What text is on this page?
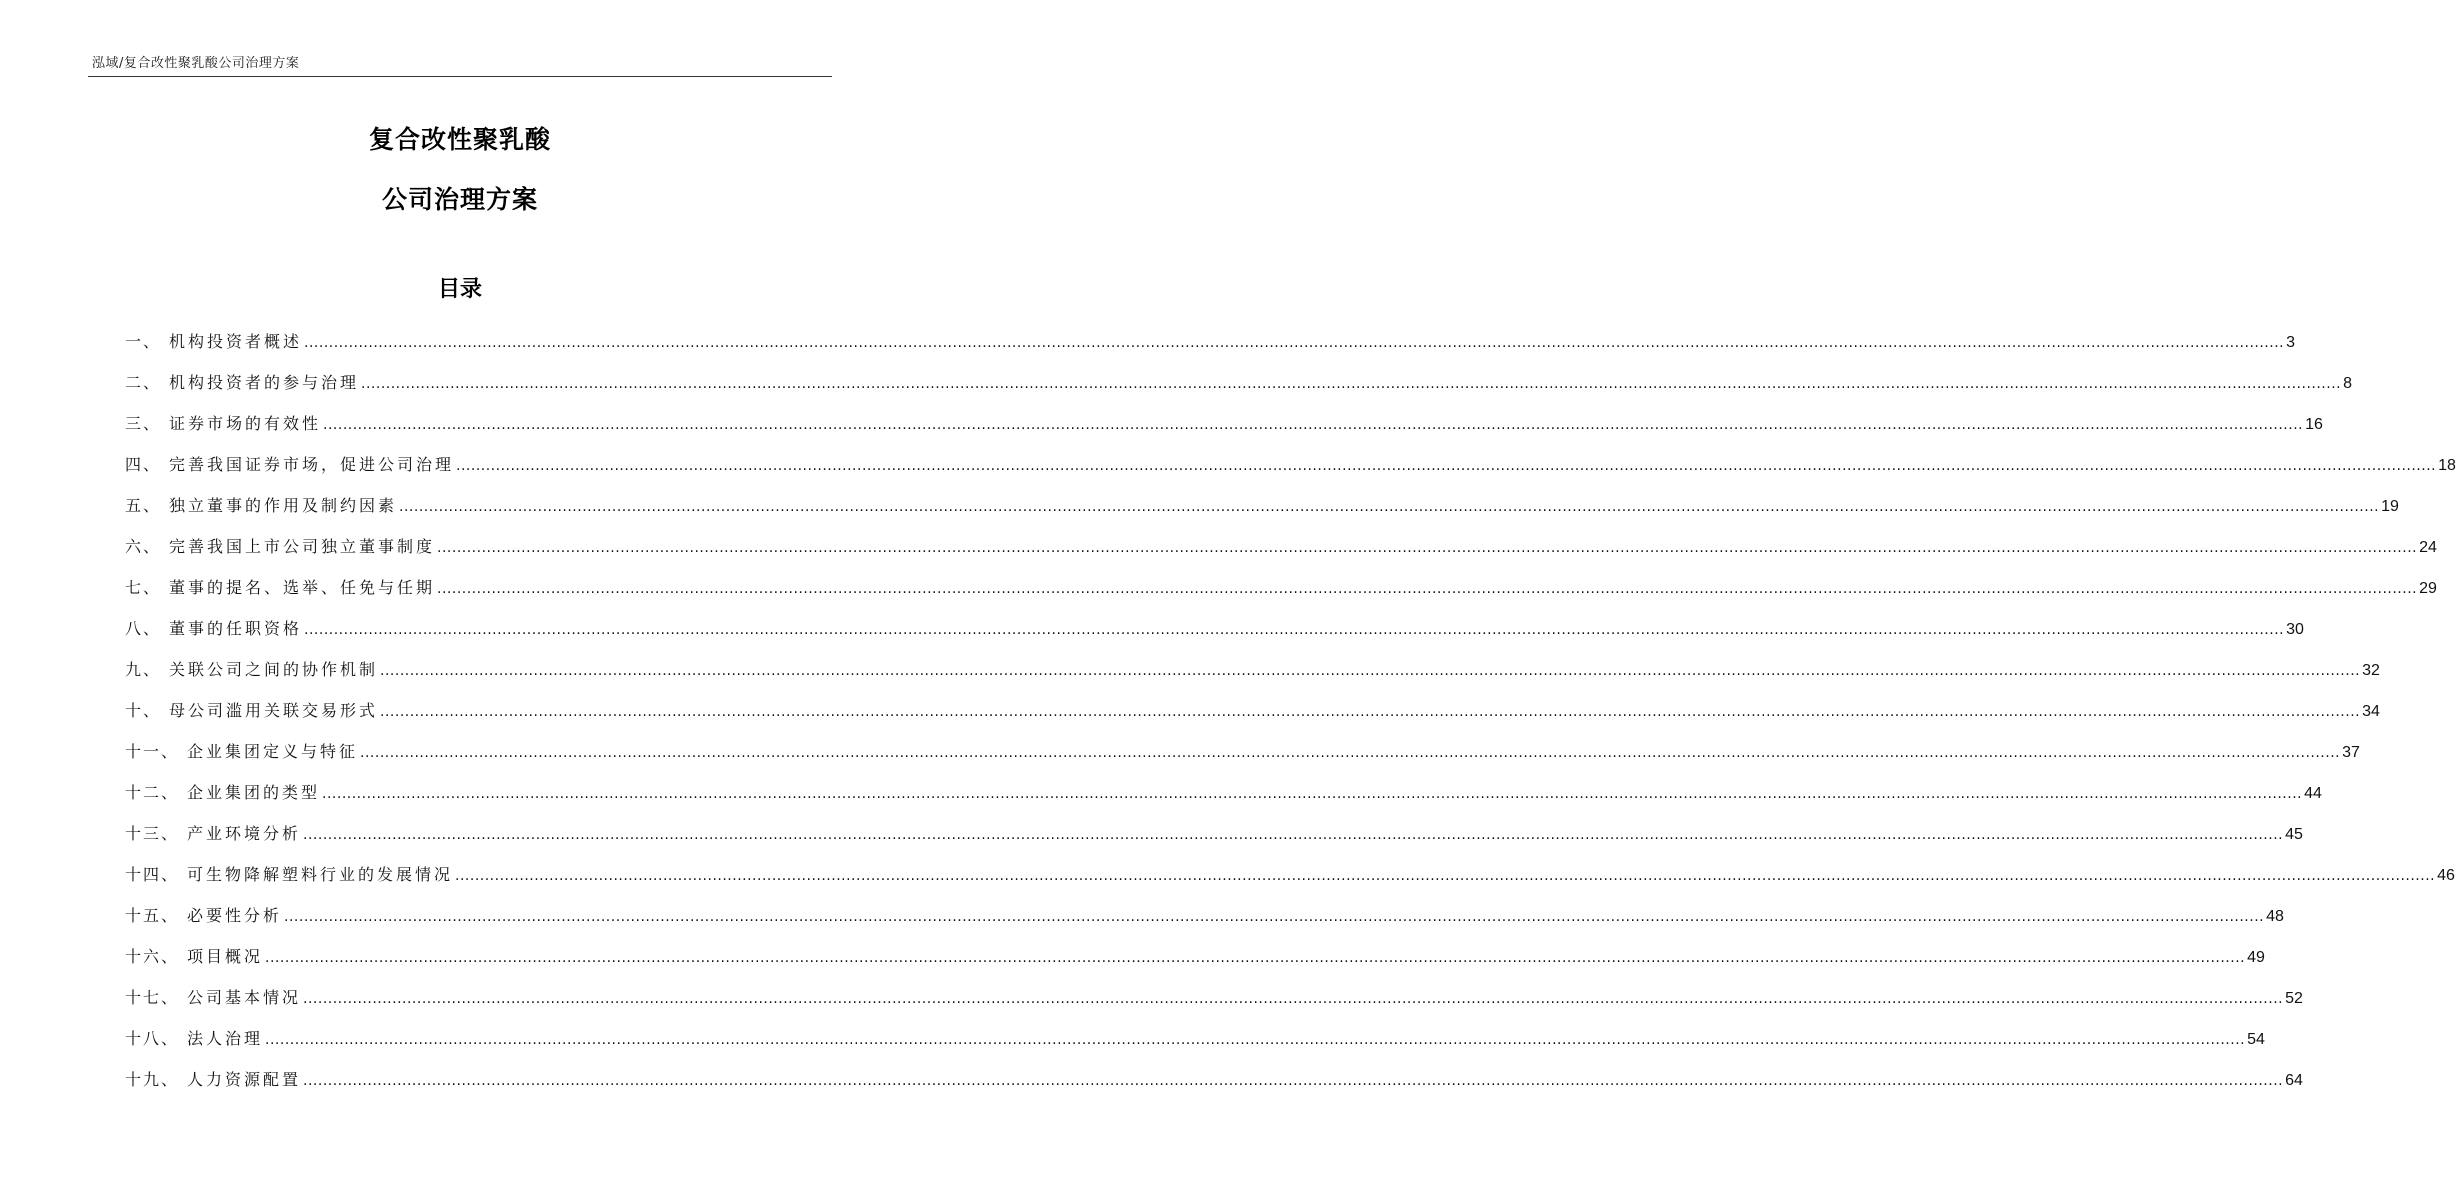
泓域/复合改性聚乳酸公司治理方案
复合改性聚乳酸
公司治理方案
目录
一、 机构投资者概述 ................................................................................................................................................................................................................................................................................................................................................................................................................ 3
二、 机构投资者的参与治理 ................................................................................................................................................................................................................................................................................................................................................................................................................ 8
三、 证券市场的有效性 ................................................................................................................................................................................................................................................................................................................................................................................................................ 16
四、 完善我国证券市场，促进公司治理 ................................................................................................................................................................................................................................................................................................................................................................................................................ 18
五、 独立董事的作用及制约因素 ................................................................................................................................................................................................................................................................................................................................................................................................................ 19
六、 完善我国上市公司独立董事制度 ................................................................................................................................................................................................................................................................................................................................................................................................................ 24
七、 董事的提名、选举、任免与任期 ................................................................................................................................................................................................................................................................................................................................................................................................................ 29
八、 董事的任职资格 ................................................................................................................................................................................................................................................................................................................................................................................................................ 30
九、 关联公司之间的协作机制 ................................................................................................................................................................................................................................................................................................................................................................................................................ 32
十、 母公司滥用关联交易形式 ................................................................................................................................................................................................................................................................................................................................................................................................................ 34
十一、 企业集团定义与特征 ................................................................................................................................................................................................................................................................................................................................................................................................................ 37
十二、 企业集团的类型 ................................................................................................................................................................................................................................................................................................................................................................................................................ 44
十三、 产业环境分析 ................................................................................................................................................................................................................................................................................................................................................................................................................ 45
十四、 可生物降解塑料行业的发展情况 ................................................................................................................................................................................................................................................................................................................................................................................................................ 46
十五、 必要性分析 ................................................................................................................................................................................................................................................................................................................................................................................................................ 48
十六、 项目概况 ................................................................................................................................................................................................................................................................................................................................................................................................................ 49
十七、 公司基本情况 ................................................................................................................................................................................................................................................................................................................................................................................................................ 52
十八、 法人治理 ................................................................................................................................................................................................................................................................................................................................................................................................................ 54
十九、 人力资源配置 ................................................................................................................................................................................................................................................................................................................................................................................................................ 64
